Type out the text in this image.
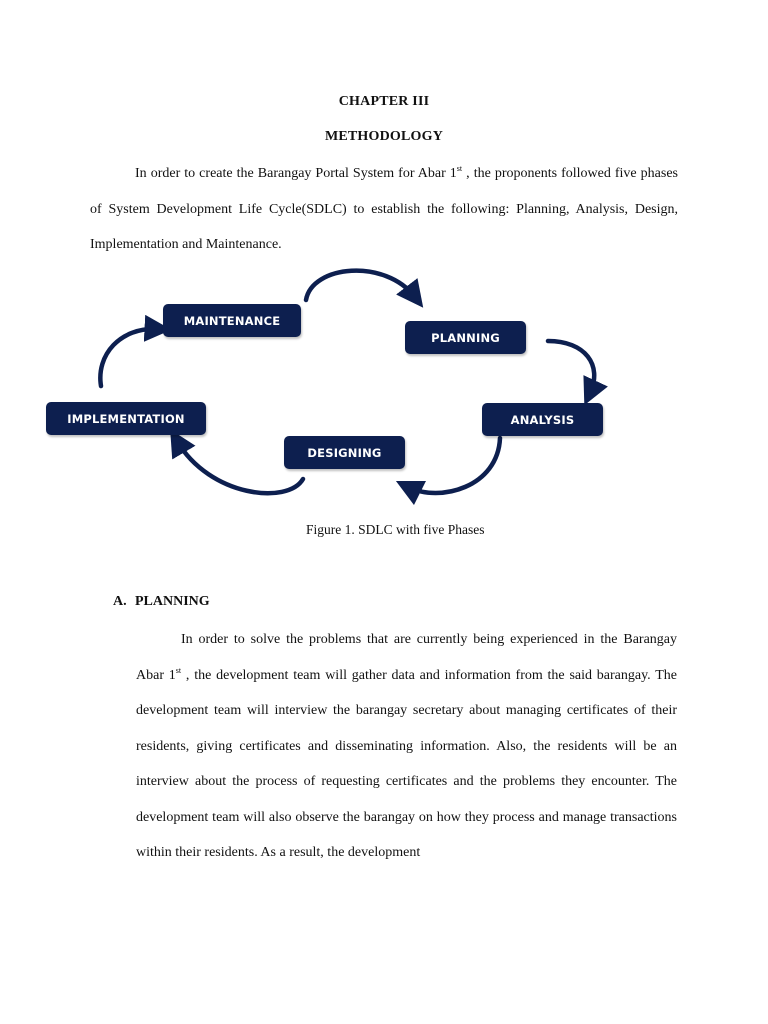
CHAPTER III
METHODOLOGY
In order to create the Barangay Portal System for Abar 1st , the proponents followed five phases of System Development Life Cycle(SDLC) to establish the following: Planning, Analysis, Design, Implementation and Maintenance.
MAINTENANCE
PLANNING
ANALYSIS
DESIGNING
IMPLEMENTATION
Figure 1. SDLC with five Phases
A. PLANNING
In order to solve the problems that are currently being experienced in the Barangay Abar 1st , the development team will gather data and information from the said barangay. The development team will interview the barangay secretary about managing certificates of their residents, giving certificates and disseminating information. Also, the residents will be an interview about the process of requesting certificates and the problems they encounter. The development team will also observe the barangay on how they process and manage transactions within their residents. As a result, the development
